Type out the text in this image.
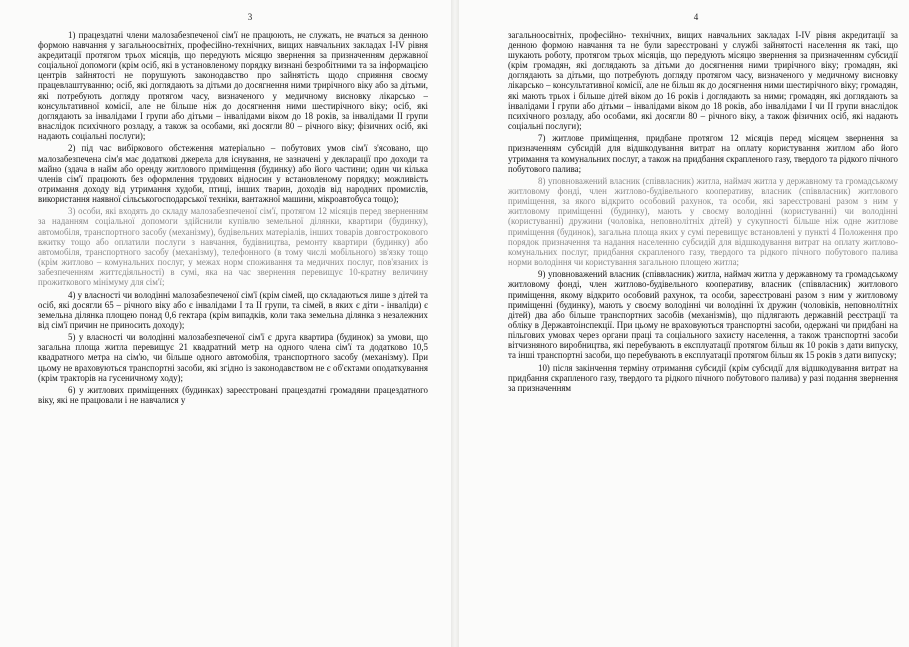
3	4

1) працездатні члени малозабезпеченої сім'ї не працюють, не служать, не вчаться за денною формою навчання у загальноосвітніх, професійно-технічних, вищих навчальних закладах I-IV рівня акредитації протягом трьох місяців, що передують місяцю звернення за призначенням державної соціальної допомоги (крім осіб, які в установленому порядку визнані безробітними та за інформацією центрів зайнятості не порушують законодавство про зайнятість щодо сприяння своєму працевлаштуванню; осіб, які доглядають за дітьми до досягнення ними трирічного віку або за дітьми, які потребують догляду протягом часу, визначеного у медичному висновку лікарсько – консультативної комісії, але не більше ніж до досягнення ними шестирічного віку; осіб, які доглядають за інвалідами I групи або дітьми – інвалідами віком до 18 років, за інвалідами II групи внаслідок психічного розладу, а також за особами, які досягли 80 – річного віку; фізичних осіб, які надають соціальні послуги);

2) під час вибіркового обстеження матеріально – побутових умов сім'ї з'ясовано, що малозабезпечена сім'я має додаткові джерела для існування, не зазначені у декларації про доходи та майно (здача в найм або оренду житлового приміщення (будинку) або його частини; один чи кілька членів сім'ї працюють без оформлення трудових відносин у встановленому порядку; можливість отримання доходу від утримання худоби, птиці, інших тварин, доходів від народних промислів, використання наявної сільськогосподарської техніки, вантажної машини, мікроавтобуса тощо);

3) особи, які входять до складу малозабезпеченої сім'ї, протягом 12 місяців перед зверненням за наданням соціальної допомоги здійснили купівлю земельної ділянки, квартири (будинку), автомобіля, транспортного засобу (механізму), будівельних матеріалів, інших товарів довгострокового вжитку тощо або оплатили послуги з навчання, будівництва, ремонту квартири (будинку) або автомобіля, транспортного засобу (механізму), телефонного (в тому числі мобільного) зв'язку тощо (крім житлово – комунальних послуг, у межах норм споживання та медичних послуг, пов'язаних із забезпеченням життєдіяльності) в сумі, яка на час звернення перевищує 10-кратну величину прожиткового мінімуму для сім'ї;

4) у власності чи володінні малозабезпеченої сім'ї (крім сімей, що складаються лише з дітей та осіб, які досягли 65 – річного віку або є інвалідами I та II групи, та сімей, в яких є діти - інваліди) є земельна ділянка площею понад 0,6 гектара (крім випадків, коли така земельна ділянка з незалежних від сім'ї причин не приносить доходу);

5) у власності чи володінні малозабезпеченої сім'ї є друга квартира (будинок) за умови, що загальна площа житла перевищує 21 квадратний метр на одного члена сім'ї та додатково 10,5 квадратного метра на сім'ю, чи більше одного автомобіля, транспортного засобу (механізму). При цьому не враховуються транспортні засоби, які згідно із законодавством не є об'єктами оподаткування (крім тракторів на гусеничному ходу);

6) у житлових приміщеннях (будинках) зареєстровані працездатні громадяни працездатного віку, які не працювали і не навчалися у

загальноосвітніх, професійно- технічних, вищих навчальних закладах I-IV рівня акредитації за денною формою навчання та не були зареєстровані у службі зайнятості населення як такі, що шукають роботу, протягом трьох місяців, що передують місяцю звернення за призначенням субсидії (крім громадян, які доглядають за дітьми до досягнення ними трирічного віку; громадян, які доглядають за дітьми, що потребують догляду протягом часу, визначеного у медичному висновку лікарсько – консультативної комісії, але не більш як до досягнення ними шестирічного віку; громадян, які мають трьох і більше дітей віком до 16 років і доглядають за ними; громадян, які доглядають за інвалідами I групи або дітьми – інвалідами віком до 18 років, або інвалідами I чи II групи внаслідок психічного розладу, або особами, які досягли 80 – річного віку, а також фізичних осіб, які надають соціальні послуги);

7) житлове приміщення, придбане протягом 12 місяців перед місяцем звернення за призначенням субсидій для відшкодування витрат на оплату користування житлом або його утримання та комунальних послуг, а також на придбання скрапленого газу, твердого та рідкого пічного побутового палива;

8) уповноважений власник (співвласник) житла, наймач житла у державному та громадському житловому фонді, член житлово-будівельного кооперативу, власник (співвласник) житлового приміщення, за якого відкрито особовий рахунок, та особи, які зареєстровані разом з ним у житловому приміщенні (будинку), мають у своєму володінні (користуванні) чи володінні (користуванні) дружини (чоловіка, неповнолітніх дітей) у сукупності більше ніж одне житлове приміщення (будинок), загальна площа яких у сумі перевищує встановлені у пункті 4 Положення про порядок призначення та надання населенню субсидій для відшкодування витрат на оплату житлово-комунальних послуг, придбання скрапленого газу, твердого та рідкого пічного побутового палива норми володіння чи користування загальною площею житла;

9) уповноважений власник (співвласник) житла, наймач житла у державному та громадському житловому фонді, член житлово-будівельного кооперативу, власник (співвласник) житлового приміщення, якому відкрито особовий рахунок, та особи, зареєстровані разом з ним у житловому приміщенні (будинку), мають у своєму володінні чи володінні їх дружин (чоловіків, неповнолітніх дітей) два або більше транспортних засобів (механізмів), що підлягають державній реєстрації та обліку в Державтоінспекції. При цьому не враховуються транспортні засоби, одержані чи придбані на пільгових умовах через органи праці та соціального захисту населення, а також транспортні засоби вітчизняного виробництва, які перебувають в експлуатації протягом більш як 10 років з дати випуску, та інші транспортні засоби, що перебувають в експлуатації протягом більш як 15 років з дати випуску;

10) після закінчення терміну отримання субсидії (крім субсидії для відшкодування витрат на придбання скрапленого газу, твердого та рідкого пічного побутового палива) у разі подання звернення за призначенням
